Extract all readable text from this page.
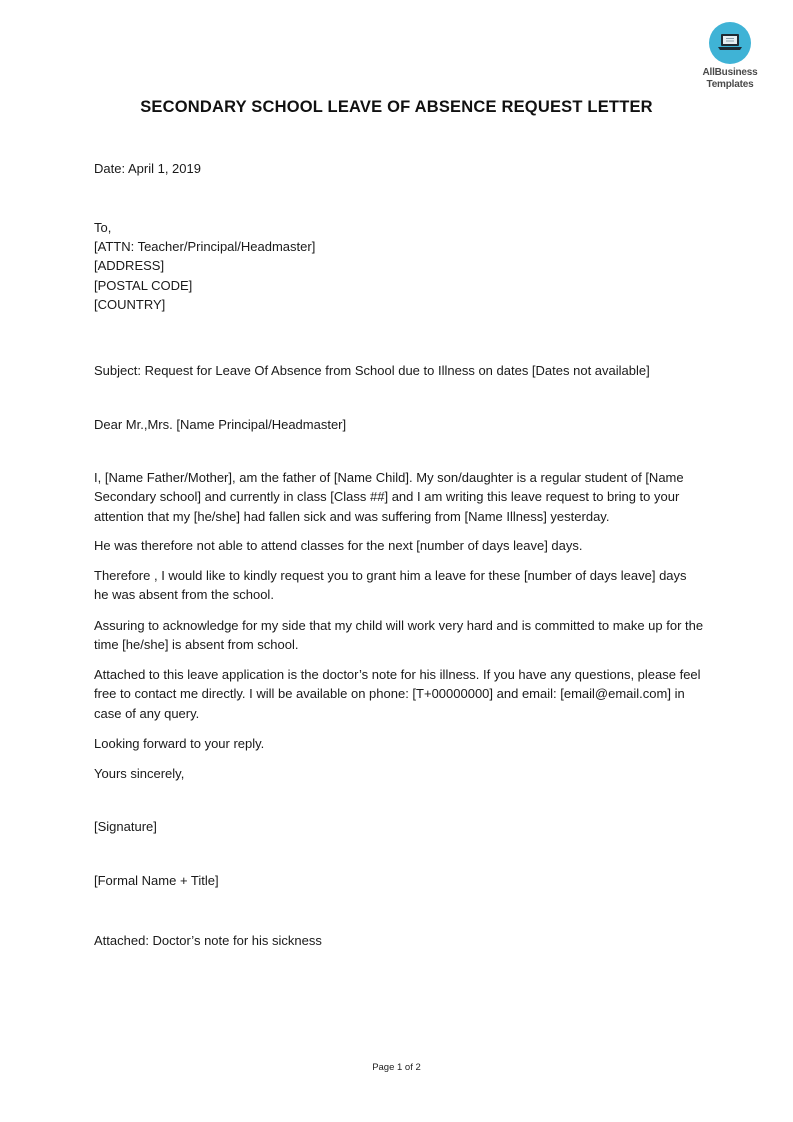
AllBusiness
Templates
SECONDARY SCHOOL LEAVE OF ABSENCE REQUEST LETTER
Date: April 1, 2019
To,
[ATTN: Teacher/Principal/Headmaster]
[ADDRESS]
[POSTAL CODE]
[COUNTRY]
Subject: Request for Leave Of Absence from School due to Illness on dates [Dates not available]
Dear Mr.,Mrs. [Name Principal/Headmaster]
I, [Name Father/Mother], am the father of [Name Child]. My son/daughter is a regular student of [Name Secondary school] and currently in class [Class ##] and I am writing this leave request to bring to your attention that my [he/she] had fallen sick and was suffering from [Name Illness] yesterday.
He was therefore not able to attend classes for the next [number of days leave] days.
Therefore , I would like to kindly request you to grant him a leave for these [number of days leave] days he was absent from the school.
Assuring to acknowledge for my side that my child will work very hard and is committed to make up for the time [he/she] is absent from school.
Attached to this leave application is the doctor’s note for his illness. If you have any questions, please feel free to contact me directly. I will be available on phone: [T+00000000] and email: [email@email.com] in case of any query.
Looking forward to your reply.
Yours sincerely,
[Signature]
[Formal Name + Title]
Attached: Doctor’s note for his sickness
Page 1 of 2
